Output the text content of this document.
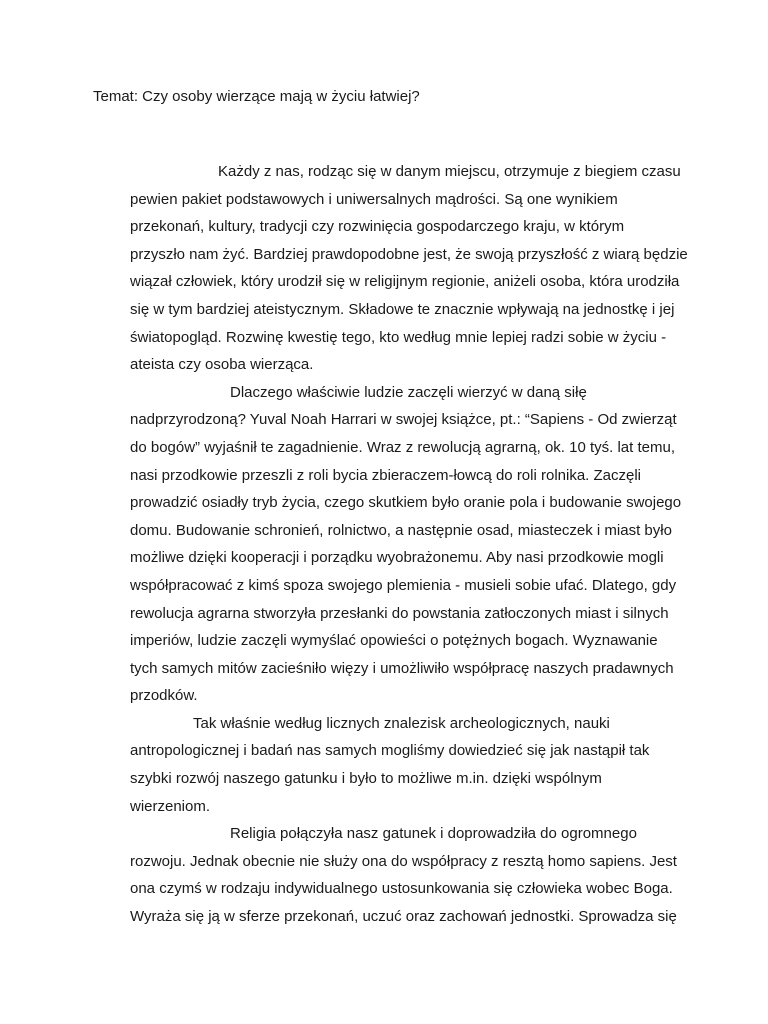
Temat: Czy osoby wierzące mają w życiu łatwiej?
Każdy z nas, rodząc się w danym miejscu, otrzymuje z biegiem czasu
pewien pakiet podstawowych i uniwersalnych mądrości. Są one wynikiem
przekonań, kultury, tradycji czy rozwinięcia gospodarczego kraju, w którym
przyszło nam żyć. Bardziej prawdopodobne jest, że swoją przyszłość z wiarą będzie
wiązał człowiek, który urodził się w religijnym regionie, aniżeli osoba, która urodziła
się w tym bardziej ateistycznym. Składowe te znacznie wpływają na jednostkę i jej
światopogląd. Rozwinę kwestię tego, kto według mnie lepiej radzi sobie w życiu -
ateista czy osoba wierząca.
Dlaczego właściwie ludzie zaczęli wierzyć w daną siłę
nadprzyrodzoną? Yuval Noah Harrari w swojej książce, pt.: “Sapiens - Od zwierząt
do bogów” wyjaśnił te zagadnienie. Wraz z rewolucją agrarną, ok. 10 tyś. lat temu,
nasi przodkowie przeszli z roli bycia zbieraczem-łowcą do roli rolnika. Zaczęli
prowadzić osiadły tryb życia, czego skutkiem było oranie pola i budowanie swojego
domu. Budowanie schronień, rolnictwo, a następnie osad, miasteczek i miast było
możliwe dzięki kooperacji i porządku wyobrażonemu. Aby nasi przodkowie mogli
współpracować z kimś spoza swojego plemienia - musieli sobie ufać. Dlatego, gdy
rewolucja agrarna stworzyła przesłanki do powstania zatłoczonych miast i silnych
imperiów, ludzie zaczęli wymyślać opowieści o potężnych bogach. Wyznawanie
tych samych mitów zacieśniło więzy i umożliwiło współpracę naszych pradawnych
przodków.
Tak właśnie według licznych znalezisk archeologicznych, nauki
antropologicznej i badań nas samych mogliśmy dowiedzieć się jak nastąpił tak
szybki rozwój naszego gatunku i było to możliwe m.in. dzięki wspólnym
wierzeniom.
Religia połączyła nasz gatunek i doprowadziła do ogromnego
rozwoju. Jednak obecnie nie służy ona do współpracy z resztą homo sapiens. Jest
ona czymś w rodzaju indywidualnego ustosunkowania się człowieka wobec Boga.
Wyraża się ją w sferze przekonań, uczuć oraz zachowań jednostki. Sprowadza się
